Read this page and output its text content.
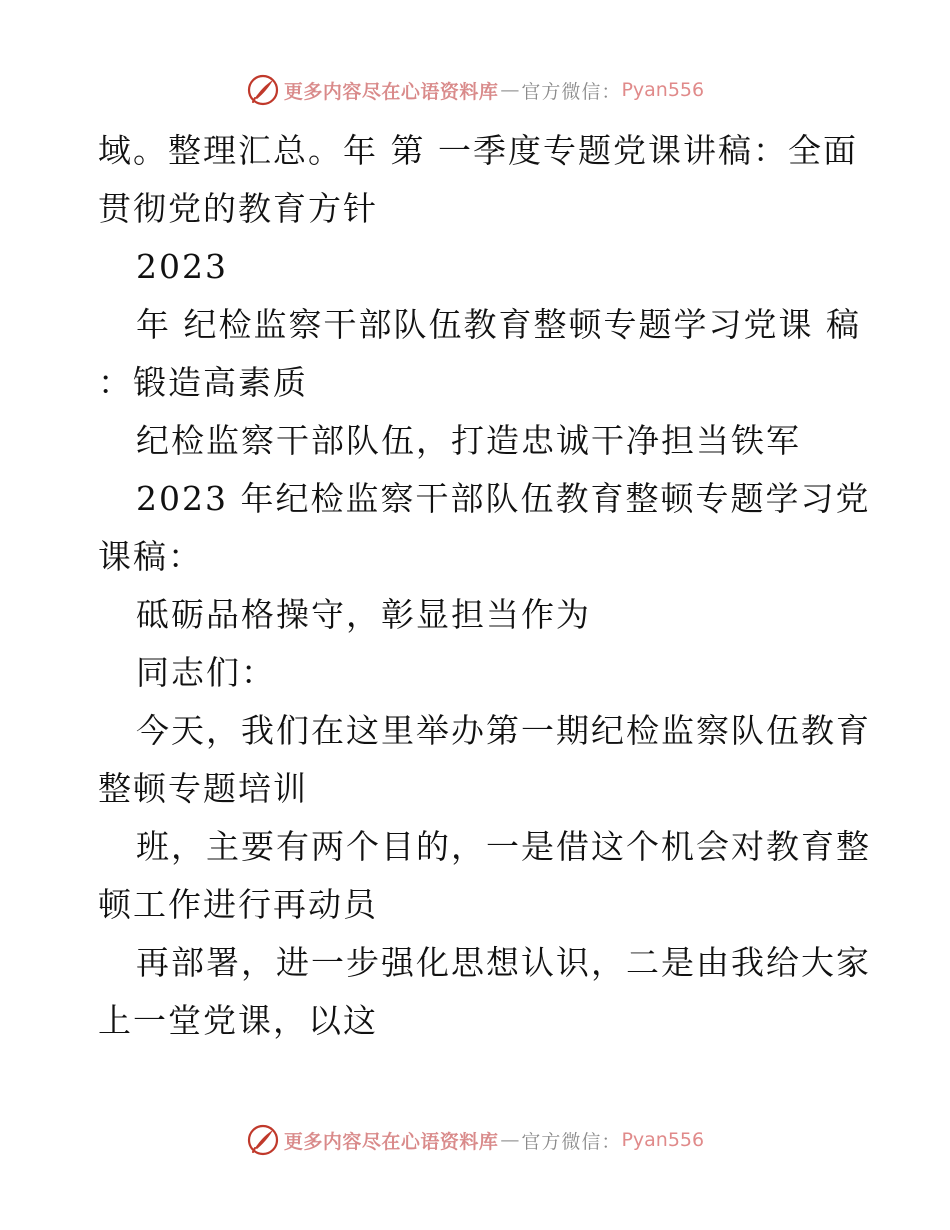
更多内容尽在心语资料库 — 官方微信： Pyan556
域。整理汇总。年 第 一季度专题党课讲稿：全面
贯彻党的教育方针
2023
年 纪检监察干部队伍教育整顿专题学习党课 稿
：锻造高素质
纪检监察干部队伍，打造忠诚干净担当铁军
2023 年纪检监察干部队伍教育整顿专题学习党
课稿：
砥砺品格操守，彰显担当作为
同志们：
今天，我们在这里举办第一期纪检监察队伍教育
整顿专题培训
班，主要有两个目的，一是借这个机会对教育整
顿工作进行再动员
再部署，进一步强化思想认识，二是由我给大家
上一堂党课，以这
更多内容尽在心语资料库 — 官方微信： Pyan556
